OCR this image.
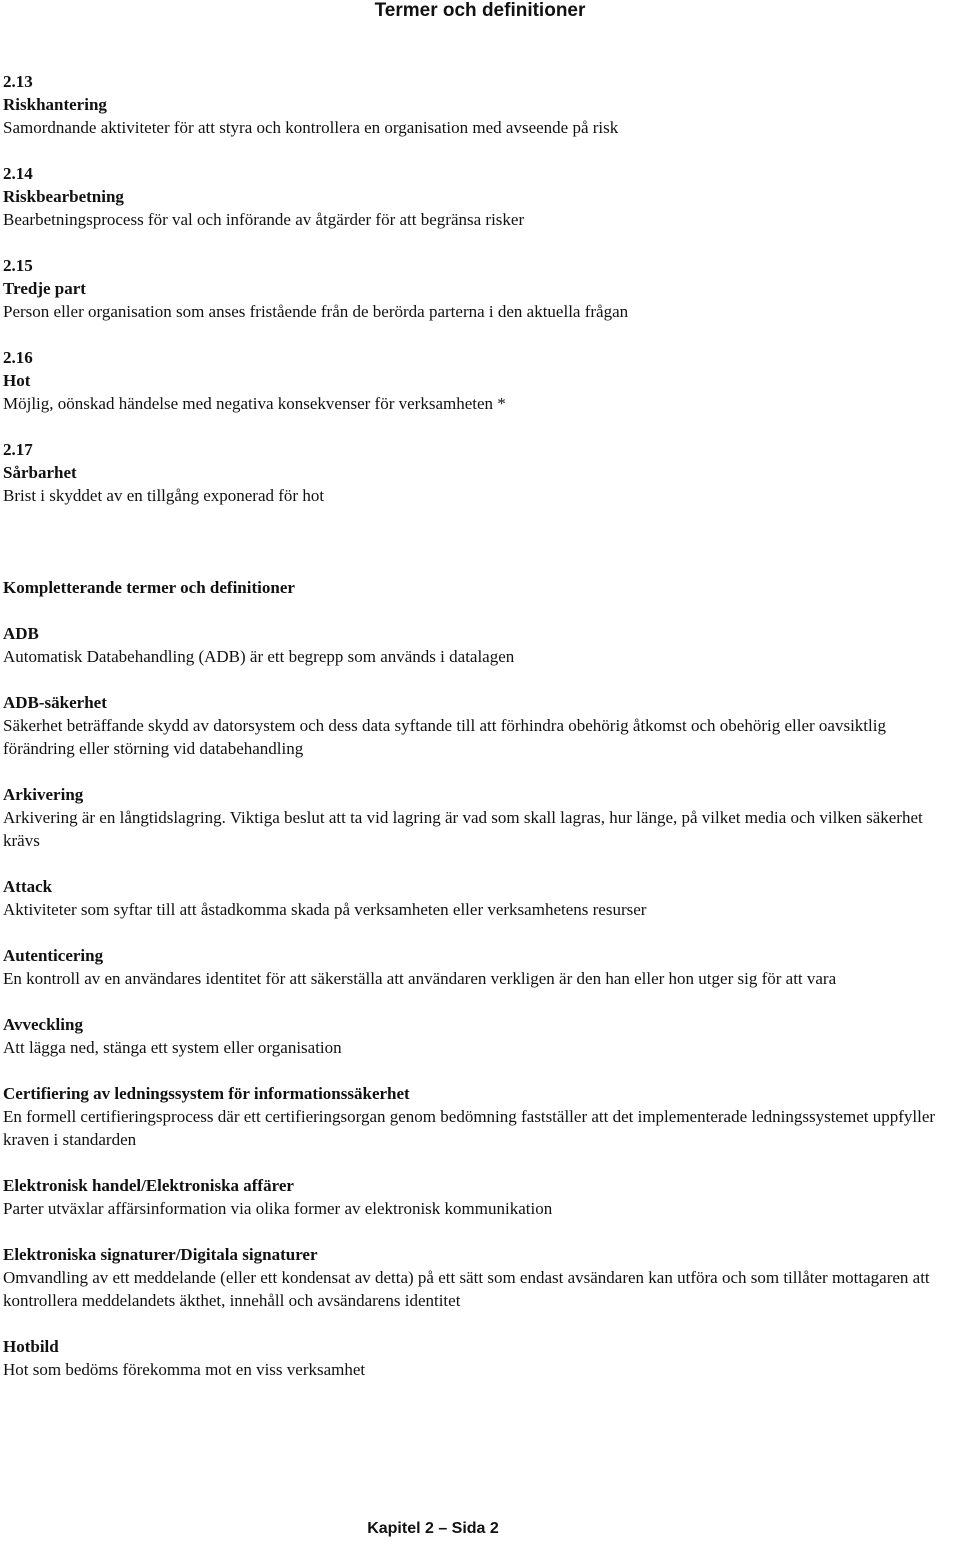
Termer och definitioner
2.13
Riskhantering
Samordnande aktiviteter för att styra och kontrollera en organisation med avseende på risk
2.14
Riskbearbetning
Bearbetningsprocess för val och införande av åtgärder för att begränsa risker
2.15
Tredje part
Person eller organisation som anses fristående från de berörda parterna i den aktuella frågan
2.16
Hot
Möjlig, oönskad händelse med negativa konsekvenser för verksamheten *
2.17
Sårbarhet
Brist i skyddet av en tillgång exponerad för hot
Kompletterande termer och definitioner
ADB
Automatisk Databehandling (ADB) är ett begrepp som används i datalagen
ADB-säkerhet
Säkerhet beträffande skydd av datorsystem och dess data syftande till att förhindra obehörig åtkomst och obehörig eller oavsiktlig förändring eller störning vid databehandling
Arkivering
Arkivering är en långtidslagring. Viktiga beslut att ta vid lagring är vad som skall lagras, hur länge, på vilket media och vilken säkerhet krävs
Attack
Aktiviteter som syftar till att åstadkomma skada på verksamheten eller verksamhetens resurser
Autenticering
En kontroll av en användares identitet för att säkerställa att användaren verkligen är den han eller hon utger sig för att vara
Avveckling
Att lägga ned, stänga ett system eller organisation
Certifiering av ledningssystem för informationssäkerhet
En formell certifieringsprocess där ett certifieringsorgan genom bedömning fastställer att det implementerade ledningssystemet uppfyller kraven i standarden
Elektronisk handel/Elektroniska affärer
Parter utväxlar affärsinformation via olika former av elektronisk kommunikation
Elektroniska signaturer/Digitala signaturer
Omvandling av ett meddelande (eller ett kondensat av detta) på ett sätt som endast avsändaren kan utföra och som tillåter mottagaren att kontrollera meddelandets äkthet, innehåll och avsändarens identitet
Hotbild
Hot som bedöms förekomma mot en viss verksamhet
Kapitel 2 – Sida 2
